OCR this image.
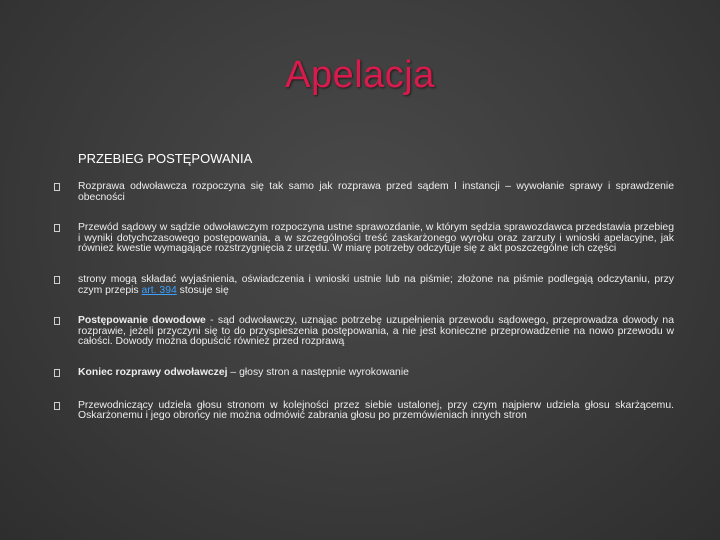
Apelacja
PRZEBIEG POSTĘPOWANIA
Rozprawa odwoławcza rozpoczyna się tak samo jak rozprawa przed sądem I instancji – wywołanie sprawy i sprawdzenie obecności
Przewód sądowy w sądzie odwoławczym rozpoczyna ustne sprawozdanie, w którym sędzia sprawozdawca przedstawia przebieg i wyniki dotychczasowego postępowania, a w szczególności treść zaskarżonego wyroku oraz zarzuty i wnioski apelacyjne, jak również kwestie wymagające rozstrzygnięcia z urzędu. W miarę potrzeby odczytuje się z akt poszczególne ich części
strony mogą składać wyjaśnienia, oświadczenia i wnioski ustnie lub na piśmie; złożone na piśmie podlegają odczytaniu, przy czym przepis art. 394 stosuje się
Postępowanie dowodowe - sąd odwoławczy, uznając potrzebę uzupełnienia przewodu sądowego, przeprowadza dowody na rozprawie, jeżeli przyczyni się to do przyspieszenia postępowania, a nie jest konieczne przeprowadzenie na nowo przewodu w całości. Dowody można dopuścić również przed rozprawą
Koniec rozprawy odwoławczej – głosy stron a następnie wyrokowanie
Przewodniczący udziela głosu stronom w kolejności przez siebie ustalonej, przy czym najpierw udziela głosu skarżącemu. Oskarżonemu i jego obrońcy nie można odmówić zabrania głosu po przemówieniach innych stron
